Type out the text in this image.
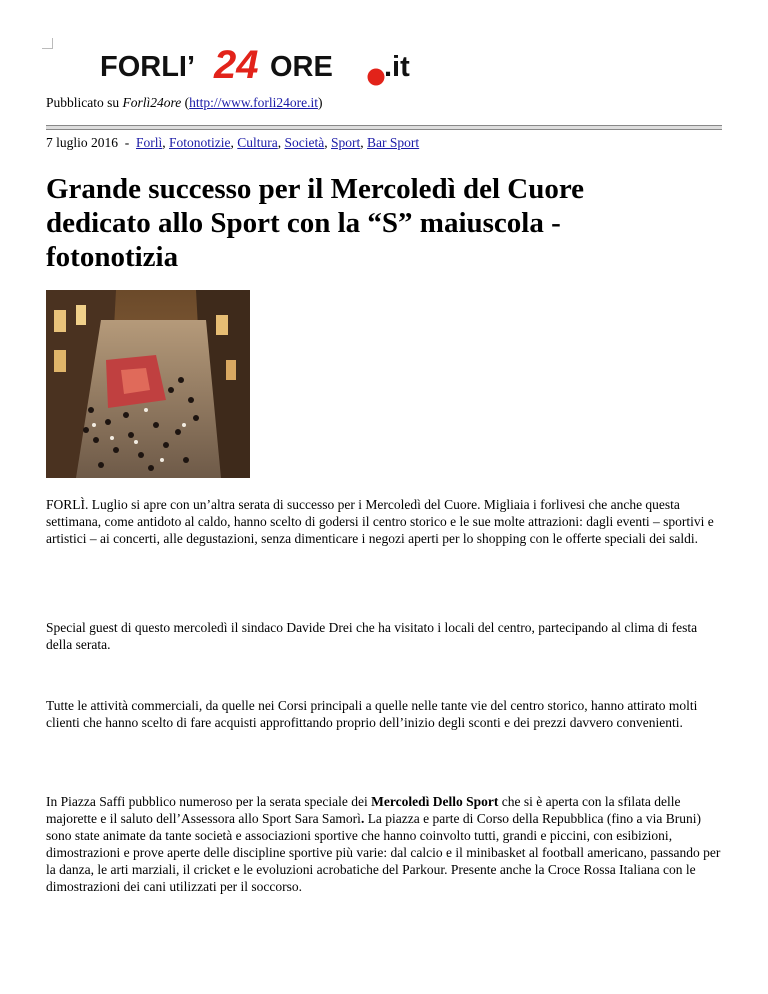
FORLI’ 24 ORE .it
Pubblicato su Forlì24ore (http://www.forli24ore.it)
7 luglio 2016  -  Forlì, Fotonotizie, Cultura, Società, Sport, Bar Sport
Grande successo per il Mercoledì del Cuore dedicato allo Sport con la “S” maiuscola - fotonotizia

FORLÌ. Luglio si apre con un’altra serata di successo per i Mercoledì del Cuore. Migliaia i forlivesi che anche questa settimana, come antidoto al caldo, hanno scelto di godersi il centro storico e le sue molte attrazioni: dagli eventi – sportivi e artistici – ai concerti, alle degustazioni, senza dimenticare i negozi aperti per lo shopping con le offerte speciali dei saldi.

Special guest di questo mercoledì il sindaco Davide Drei che ha visitato i locali del centro, partecipando al clima di festa della serata.

Tutte le attività commerciali, da quelle nei Corsi principali a quelle nelle tante vie del centro storico, hanno attirato molti clienti che hanno scelto di fare acquisti approfittando proprio dell’inizio degli sconti e dei prezzi davvero convenienti.

In Piazza Saffi pubblico numeroso per la serata speciale dei Mercoledì Dello Sport che si è aperta con la sfilata delle majorette e il saluto dell’Assessora allo Sport Sara Samorì. La piazza e parte di Corso della Repubblica (fino a via Bruni) sono state animate da tante società e associazioni sportive che hanno coinvolto tutti, grandi e piccini, con esibizioni, dimostrazioni e prove aperte delle discipline sportive più varie: dal calcio e il minibasket al football americano, passando per la danza, le arti marziali, il cricket e le evoluzioni acrobatiche del Parkour. Presente anche la Croce Rossa Italiana con le dimostrazioni dei cani utilizzati per il soccorso.
